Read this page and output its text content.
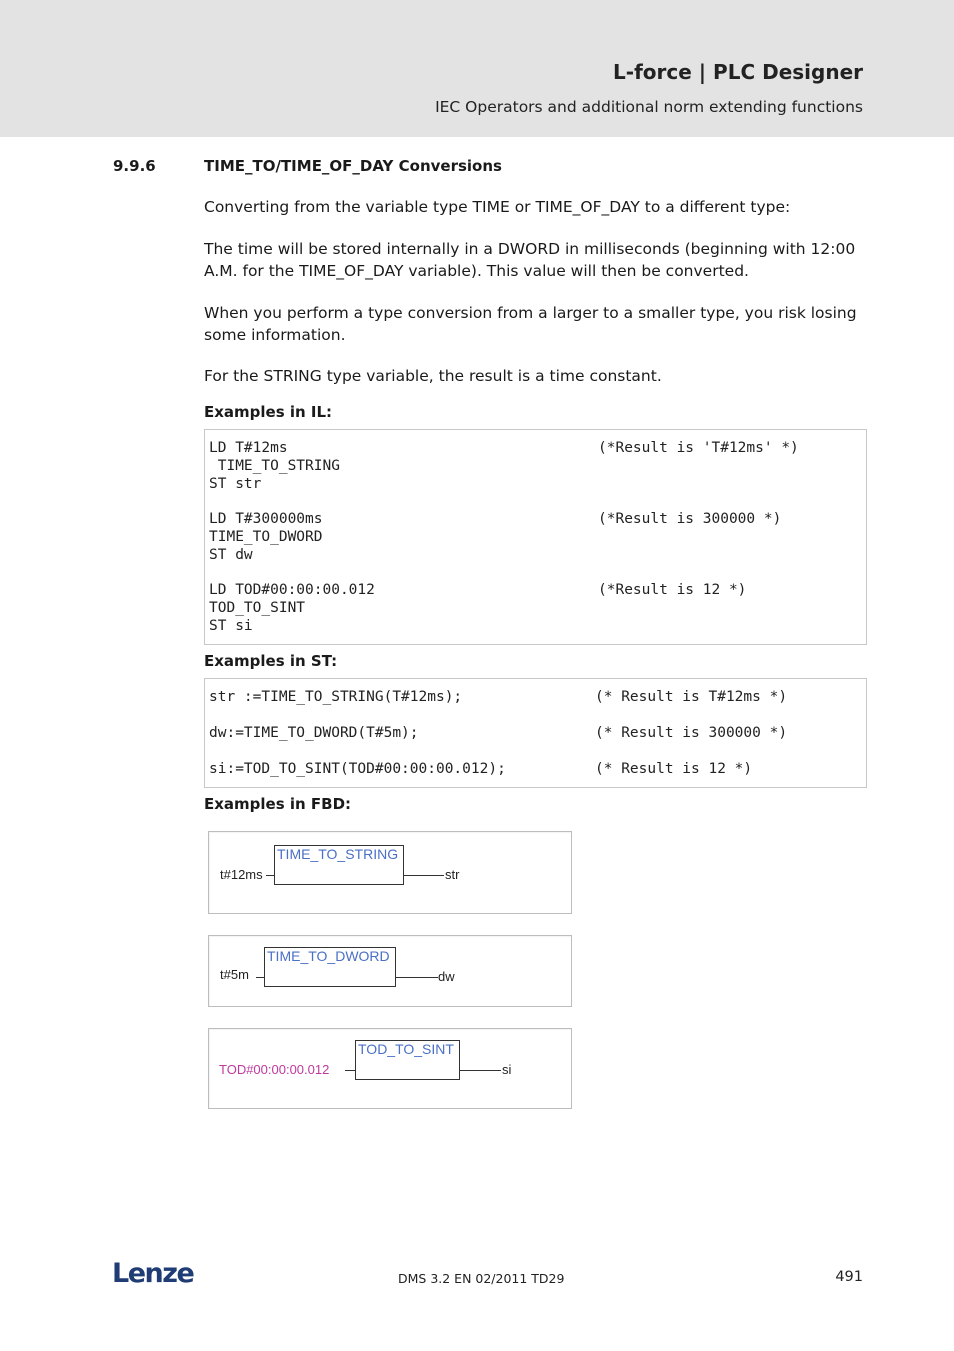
L-force | PLC Designer
IEC Operators and additional norm extending functions
9.9.6	TIME_TO/TIME_OF_DAY Conversions

Converting from the variable type TIME or TIME_OF_DAY to a different type:

The time will be stored internally in a DWORD in milliseconds (beginning with 12:00 A.M. for the TIME_OF_DAY variable). This value will then be converted.

When you perform a type conversion from a larger to a smaller type, you risk losing some information.

For the STRING type variable, the result is a time constant.

Examples in IL:
LD T#12ms
TIME_TO_STRING
ST str
(*Result is 'T#12ms' *)
LD T#300000ms
TIME_TO_DWORD
ST dw
(*Result is 300000 *)
LD TOD#00:00:00.012
TOD_TO_SINT
ST si
(*Result is 12 *)
Examples in ST:
str :=TIME_TO_STRING(T#12ms);	(* Result is T#12ms *)
dw:=TIME_TO_DWORD(T#5m);	(* Result is 300000 *)
si:=TOD_TO_SINT(TOD#00:00:00.012);	(* Result is 12 *)
Examples in FBD:
t#12ms
TIME_TO_STRING
str
t#5m
TIME_TO_DWORD
dw
TOD#00:00:00.012
TOD_TO_SINT
si
Lenze	DMS 3.2 EN 02/2011 TD29	491
